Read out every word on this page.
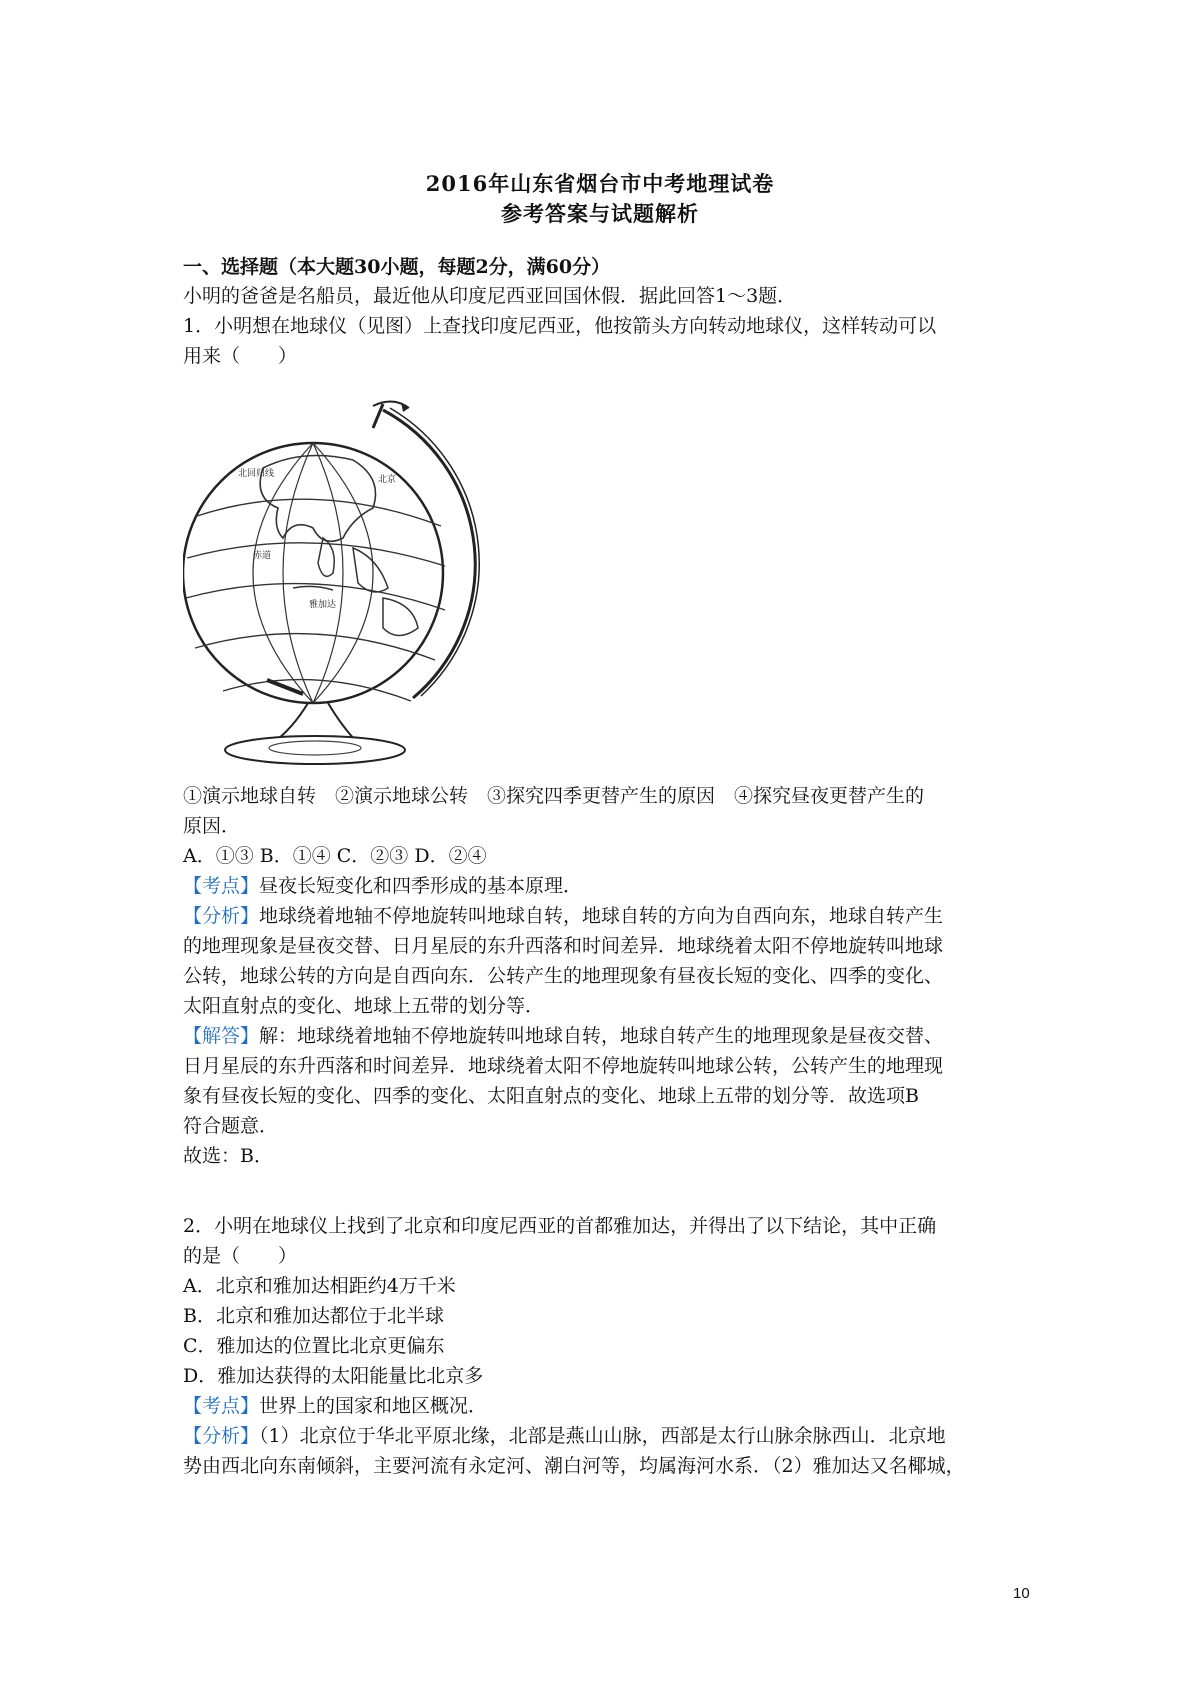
2016年山东省烟台市中考地理试卷
参考答案与试题解析
一、选择题（本大题30小题，每题2分，满60分）
小明的爸爸是名船员，最近他从印度尼西亚回国休假．据此回答1～3题．
1．小明想在地球仪（见图）上查找印度尼西亚，他按箭头方向转动地球仪，这样转动可以
用来（　　）
北回归线
北京
赤道
雅加达
①演示地球自转　②演示地球公转　③探究四季更替产生的原因　④探究昼夜更替产生的
原因．
A．①③ B．①④ C．②③ D．②④
【考点】昼夜长短变化和四季形成的基本原理．
【分析】地球绕着地轴不停地旋转叫地球自转，地球自转的方向为自西向东，地球自转产生
的地理现象是昼夜交替、日月星辰的东升西落和时间差异．地球绕着太阳不停地旋转叫地球
公转，地球公转的方向是自西向东．公转产生的地理现象有昼夜长短的变化、四季的变化、
太阳直射点的变化、地球上五带的划分等．
【解答】解：地球绕着地轴不停地旋转叫地球自转，地球自转产生的地理现象是昼夜交替、
日月星辰的东升西落和时间差异．地球绕着太阳不停地旋转叫地球公转，公转产生的地理现
象有昼夜长短的变化、四季的变化、太阳直射点的变化、地球上五带的划分等．故选项B
符合题意．
故选：B．
2．小明在地球仪上找到了北京和印度尼西亚的首都雅加达，并得出了以下结论，其中正确
的是（　　）
A．北京和雅加达相距约4万千米
B．北京和雅加达都位于北半球
C．雅加达的位置比北京更偏东
D．雅加达获得的太阳能量比北京多
【考点】世界上的国家和地区概况．
【分析】（1）北京位于华北平原北缘，北部是燕山山脉，西部是太行山脉余脉西山．北京地
势由西北向东南倾斜，主要河流有永定河、潮白河等，均属海河水系．（2）雅加达又名椰城，
10
